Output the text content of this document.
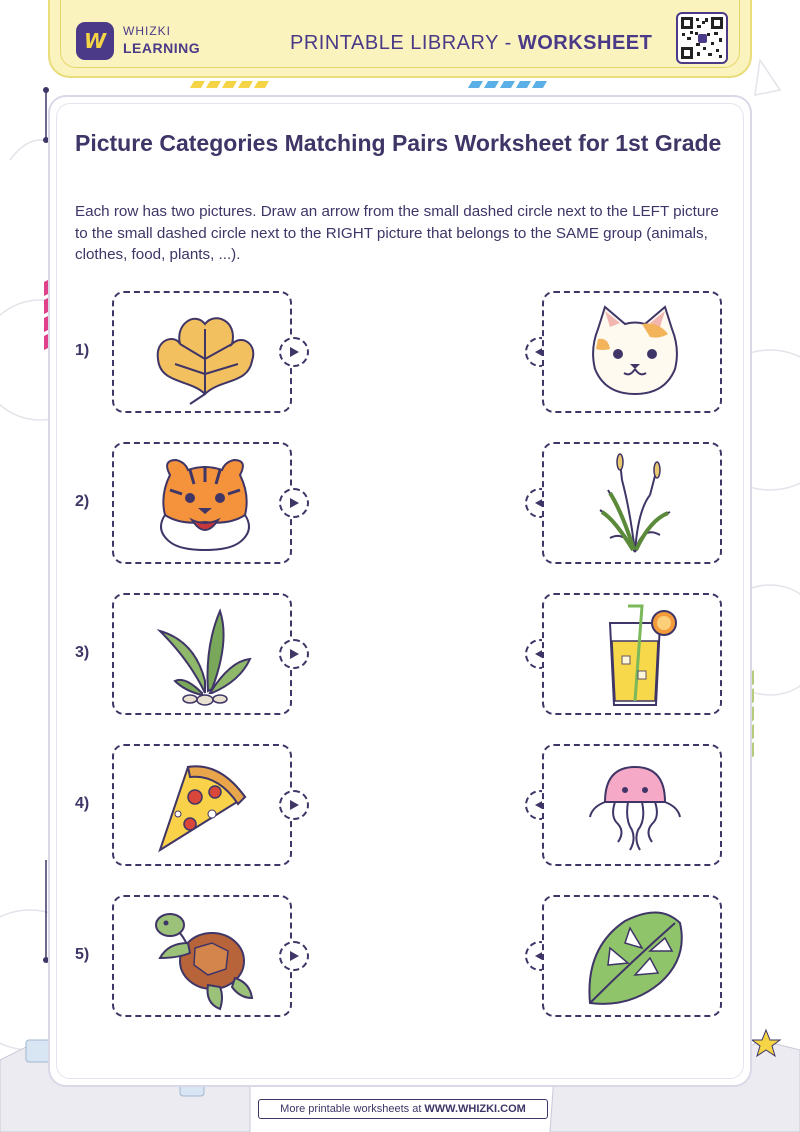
W WHIZKI
LEARNING	PRINTABLE LIBRARY - WORKSHEET
Picture Categories Matching Pairs Worksheet for 1st Grade

Each row has two pictures. Draw an arrow from the small dashed circle next to the LEFT picture to the small dashed circle next to the RIGHT picture that belongs to the SAME group (animals, clothes, food, plants, ...).

1)
2)
3)
4)
5)
More printable worksheets at WWW.WHIZKI.COM
